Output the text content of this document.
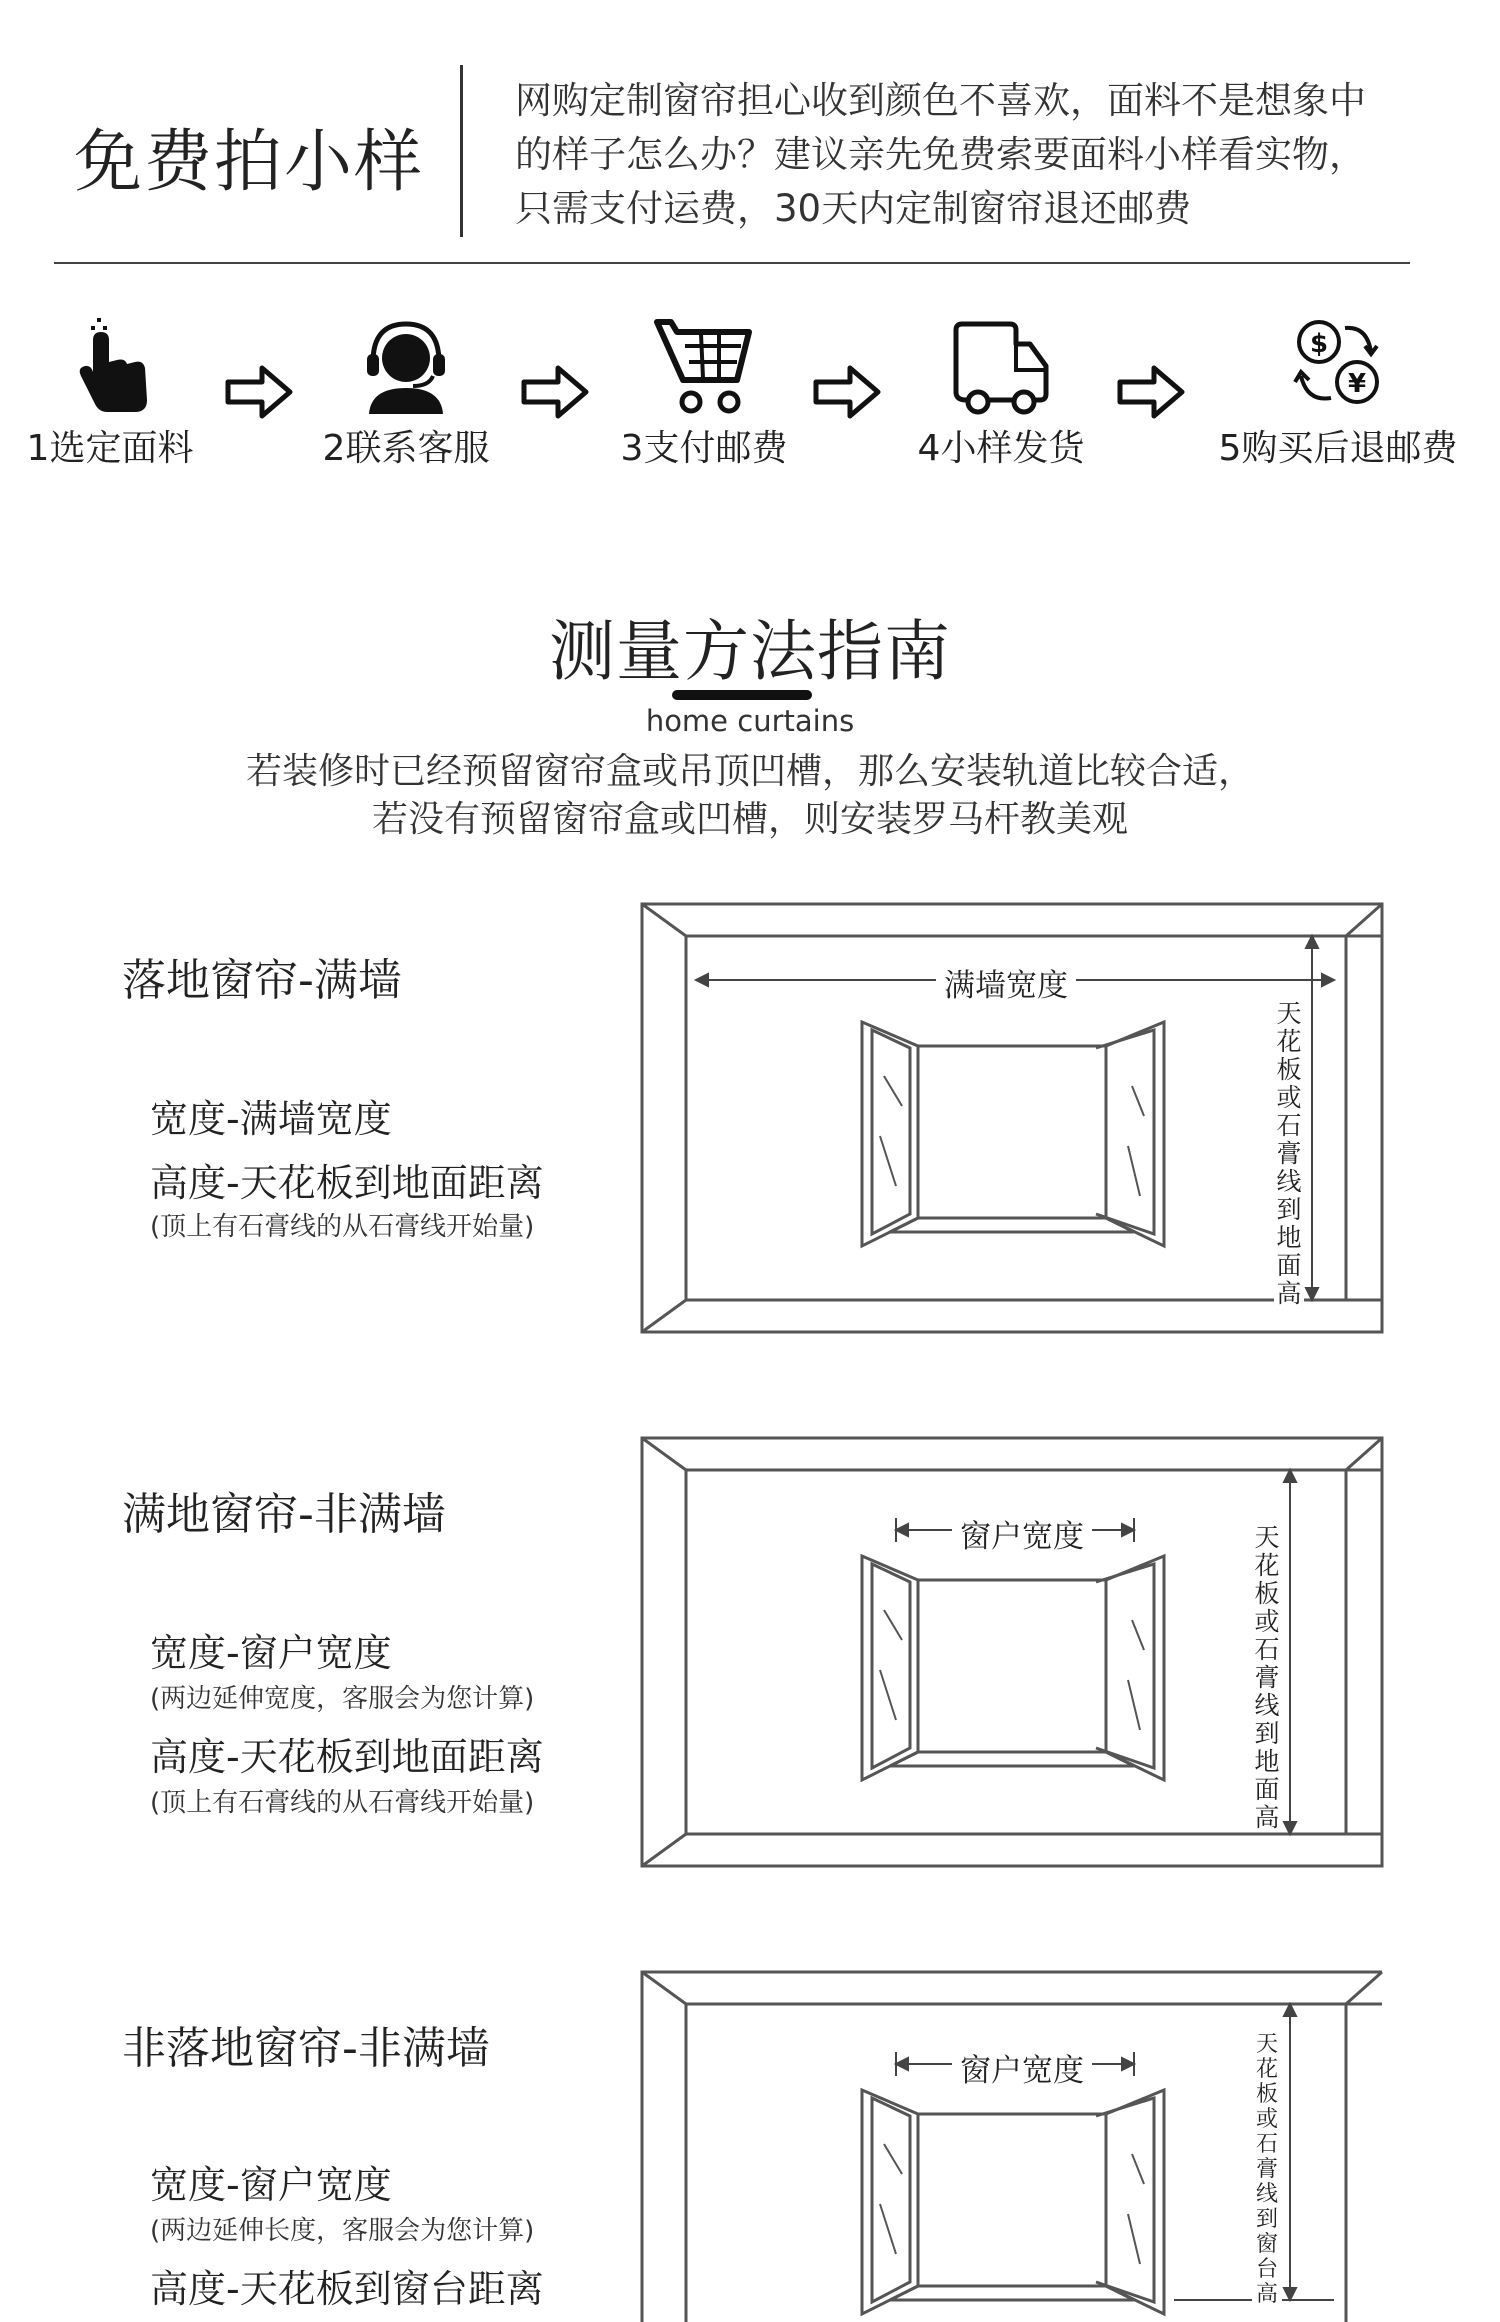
免费拍小样
网购定制窗帘担心收到颜色不喜欢，面料不是想象中
的样子怎么办？建议亲先免费索要面料小样看实物，
只需支付运费，30天内定制窗帘退还邮费
1选定面料	2联系客服	3支付邮费	4小样发货
$
¥
5购买后退邮费
测量方法指南
home curtains
若装修时已经预留窗帘盒或吊顶凹槽，那么安装轨道比较合适，
若没有预留窗帘盒或凹槽，则安装罗马杆教美观
落地窗帘-满墙
宽度-满墙宽度
高度-天花板到地面距离
(顶上有石膏线的从石膏线开始量)
满墙宽度
天花板或石膏线到地面高
满地窗帘-非满墙
宽度-窗户宽度
(两边延伸宽度，客服会为您计算)
高度-天花板到地面距离
(顶上有石膏线的从石膏线开始量)
窗户宽度	天花板或石膏线到地面高
非落地窗帘-非满墙
宽度-窗户宽度
(两边延伸长度，客服会为您计算)
高度-天花板到窗台距离
窗户宽度
天花板或石膏线到窗台高
